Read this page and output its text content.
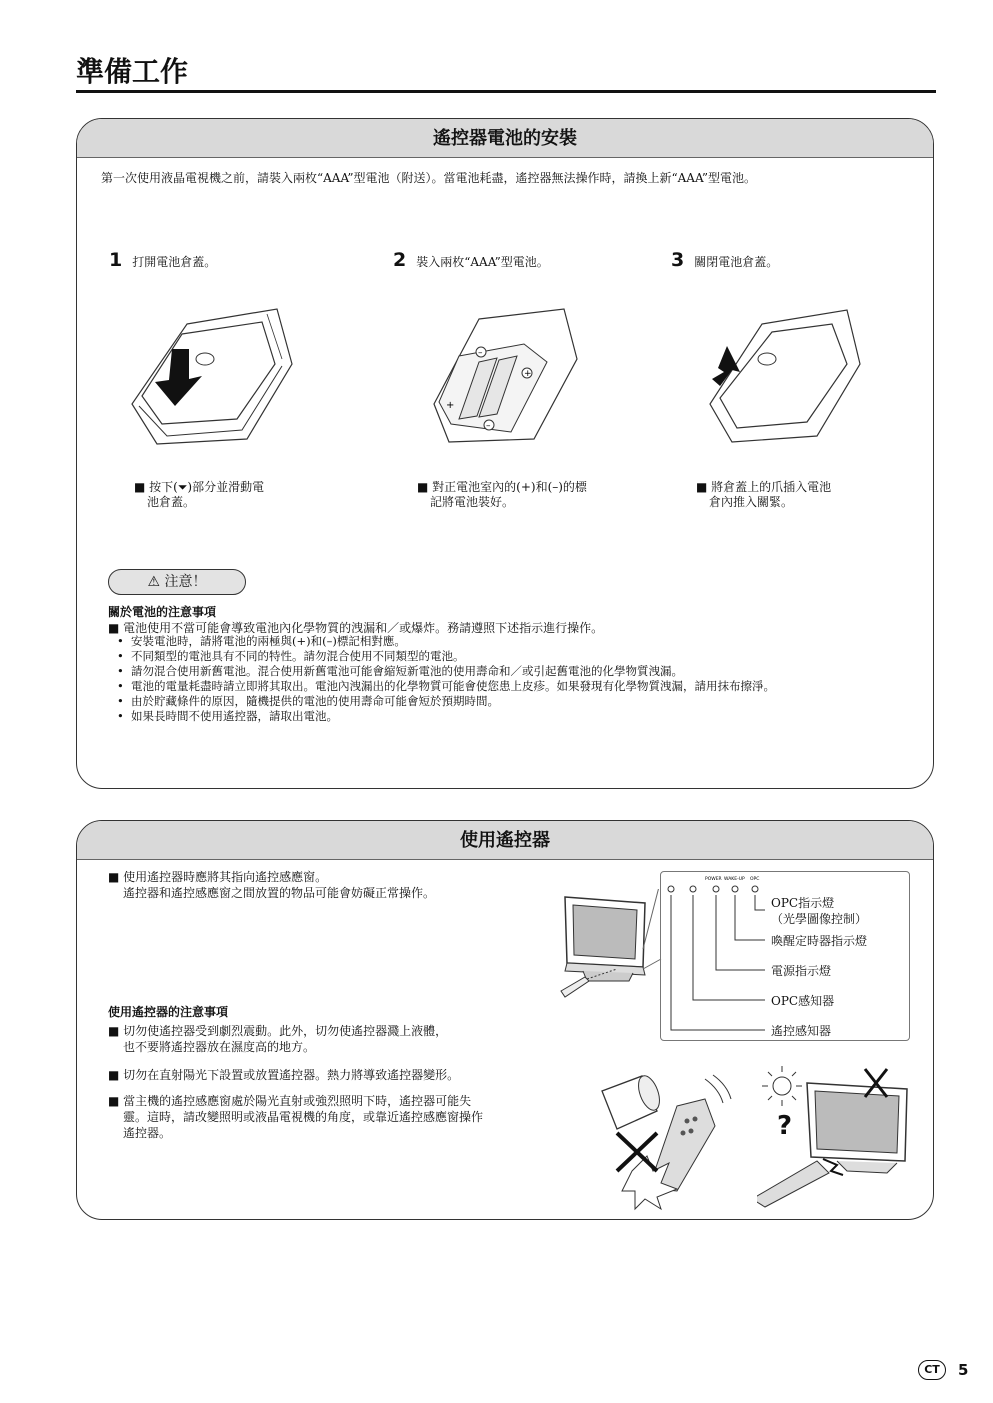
準備工作
遙控器電池的安裝
第一次使用液晶電視機之前，請裝入兩枚“AAA”型電池（附送）。當電池耗盡，遙控器無法操作時，請換上新“AAA”型電池。
1 打開電池倉蓋。	2 裝入兩枚“AAA”型電池。	3 關閉電池倉蓋。
–
+
+
–
■ 按下(⏷)部分並滑動電
池倉蓋。
■ 對正電池室內的(+)和(–)的標
記將電池裝好。
■ 將倉蓋上的爪插入電池
倉內推入關緊。
⚠ 注意！
關於電池的注意事項
■ 電池使用不當可能會導致電池內化學物質的洩漏和／或爆炸。務請遵照下述指示進行操作。
• 安裝電池時，請將電池的兩極與(+)和(–)標記相對應。
• 不同類型的電池具有不同的特性。請勿混合使用不同類型的電池。
• 請勿混合使用新舊電池。混合使用新舊電池可能會縮短新電池的使用壽命和／或引起舊電池的化學物質洩漏。
• 電池的電量耗盡時請立即將其取出。電池內洩漏出的化學物質可能會使您患上皮疹。如果發現有化學物質洩漏，請用抹布擦淨。
• 由於貯藏條件的原因，隨機提供的電池的使用壽命可能會短於預期時間。
• 如果長時間不使用遙控器，請取出電池。
使用遙控器
■ 使用遙控器時應將其指向遙控感應窗。
遙控器和遙控感應窗之間放置的物品可能會妨礙正常操作。
POWER WAKE-UP OPC
OPC指示燈
（光學圖像控制）
喚醒定時器指示燈
電源指示燈
OPC感知器
遙控感知器
使用遙控器的注意事項
■ 切勿使遙控器受到劇烈震動。此外，切勿使遙控器濺上液體，
也不要將遙控器放在濕度高的地方。
■ 切勿在直射陽光下設置或放置遙控器。熱力將導致遙控器變形。
■ 當主機的遙控感應窗處於陽光直射或強烈照明下時，遙控器可能失
靈。這時，請改變照明或液晶電視機的角度，或靠近遙控感應窗操作
遙控器。	?
CT	5
